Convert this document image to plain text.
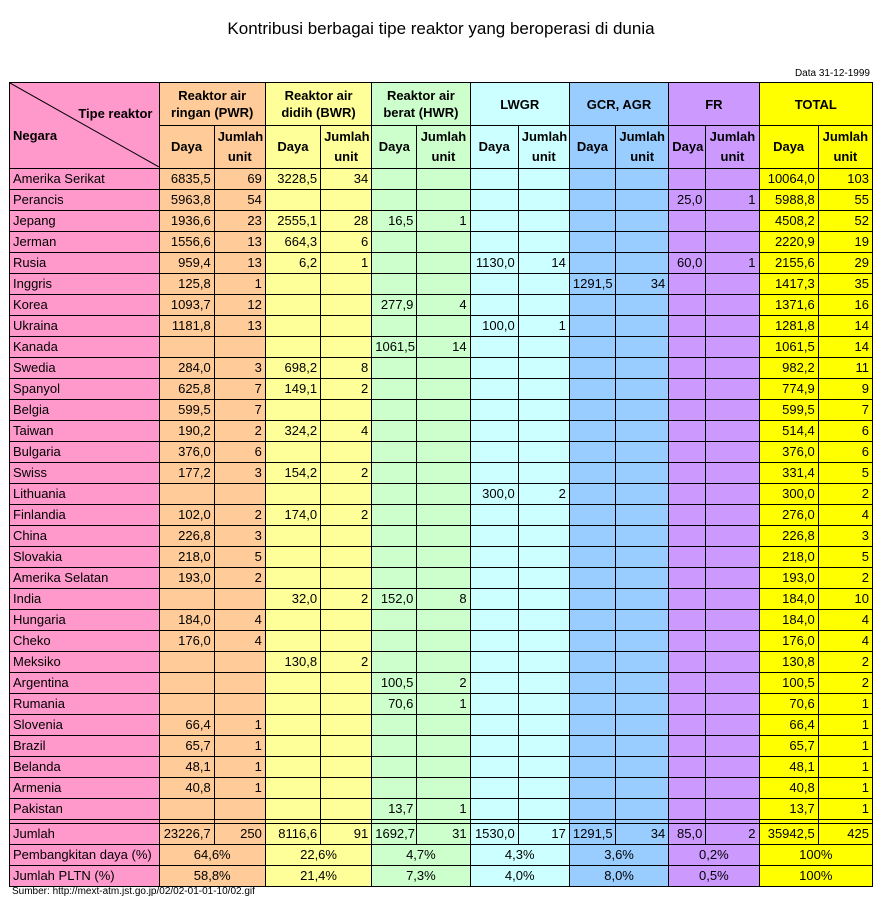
Kontribusi berbagai tipe reaktor yang beroperasi di dunia
Data 31-12-1999
Tipe reaktor
Negara	Reaktor air ringan (PWR)		Reaktor air didih (BWR)		Reaktor air berat (HWR)		LWGR		GCR, AGR		FR		TOTAL	
	Daya	Jumlah unit	Daya	Jumlah unit	Daya	Jumlah unit	Daya	Jumlah unit	Daya	Jumlah unit	Daya	Jumlah unit	Daya	Jumlah unit
Amerika Serikat	6835,5	69	3228,5	34									10064,0	103
Perancis	5963,8	54									25,0	1	5988,8	55
Jepang	1936,6	23	2555,1	28	16,5	1							4508,2	52
Jerman	1556,6	13	664,3	6									2220,9	19
Rusia	959,4	13	6,2	1			1130,0	14			60,0	1	2155,6	29
Inggris	125,8	1							1291,5	34			1417,3	35
Korea	1093,7	12			277,9	4							1371,6	16
Ukraina	1181,8	13					100,0	1					1281,8	14
Kanada					1061,5	14							1061,5	14
Swedia	284,0	3	698,2	8									982,2	11
Spanyol	625,8	7	149,1	2									774,9	9
Belgia	599,5	7											599,5	7
Taiwan	190,2	2	324,2	4									514,4	6
Bulgaria	376,0	6											376,0	6
Swiss	177,2	3	154,2	2									331,4	5
Lithuania							300,0	2					300,0	2
Finlandia	102,0	2	174,0	2									276,0	4
China	226,8	3											226,8	3
Slovakia	218,0	5											218,0	5
Amerika Selatan	193,0	2											193,0	2
India			32,0	2	152,0	8							184,0	10
Hungaria	184,0	4											184,0	4
Cheko	176,0	4											176,0	4
Meksiko			130,8	2									130,8	2
Argentina					100,5	2							100,5	2
Rumania					70,6	1							70,6	1
Slovenia	66,4	1											66,4	1
Brazil	65,7	1											65,7	1
Belanda	48,1	1											48,1	1
Armenia	40,8	1											40,8	1
Pakistan					13,7	1							13,7	1

Jumlah	23226,7	250	8116,6	91	1692,7	31	1530,0	17	1291,5	34	85,0	2	35942,5	425
Pembangkitan daya (%)	64,6%		22,6%		4,7%		4,3%		3,6%		0,2%		100%	
Jumlah PLTN (%)	58,8%		21,4%		7,3%		4,0%		8,0%		0,5%		100%	
Sumber: http://mext-atm.jst.go.jp/02/02-01-01-10/02.gif
